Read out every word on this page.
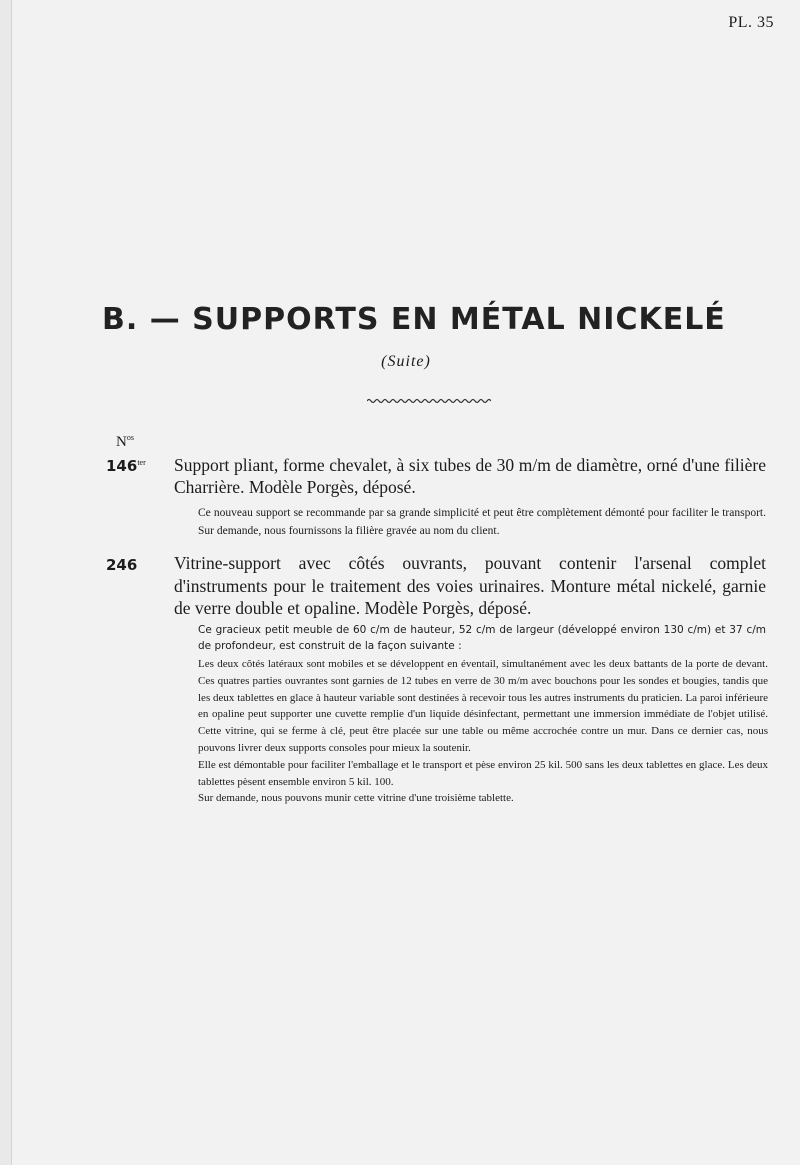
PL. 35
B. — SUPPORTS EN MÉTAL NICKELÉ
(Suite)
$N^{os}$
$146^{ter}$ Support pliant, forme chevalet, à six tubes de 30 m/m de diamètre, orné d'une filière Charrière. Modèle Porgès, déposé.
Ce nouveau support se recommande par sa grande simplicité et peut être complètement démonté pour faciliter le transport. Sur demande, nous fournissons la filière gravée au nom du client.
246 Vitrine-support avec côtés ouvrants, pouvant contenir l'arsenal complet d'instruments pour le traitement des voies urinaires. Monture métal nickelé, garnie de verre double et opaline. Modèle Porgès, déposé.
Ce gracieux petit meuble de 60 c/m de hauteur, 52 c/m de largeur (développé environ 130 c/m) et 37 c/m de profondeur, est construit de la façon suivante :

Les deux côtés latéraux sont mobiles et se développent en éventail, simultanément avec les deux battants de la porte de devant. Ces quatres parties ouvrantes sont garnies de 12 tubes en verre de 30 m/m avec bouchons pour les sondes et bougies, tandis que les deux tablettes en glace à hauteur variable sont destinées à recevoir tous les autres instruments du praticien. La paroi inférieure en opaline peut supporter une cuvette remplie d'un liquide désinfectant, permettant une immersion immédiate de l'objet utilisé. Cette vitrine, qui se ferme à clé, peut être placée sur une table ou même accrochée contre un mur. Dans ce dernier cas, nous pouvons livrer deux supports consoles pour mieux la soutenir.

Elle est démontable pour faciliter l'emballage et le transport et pèse environ 25 kil. 500 sans les deux tablettes en glace. Les deux tablettes pèsent ensemble environ 5 kil. 100.

Sur demande, nous pouvons munir cette vitrine d'une troisième tablette.
